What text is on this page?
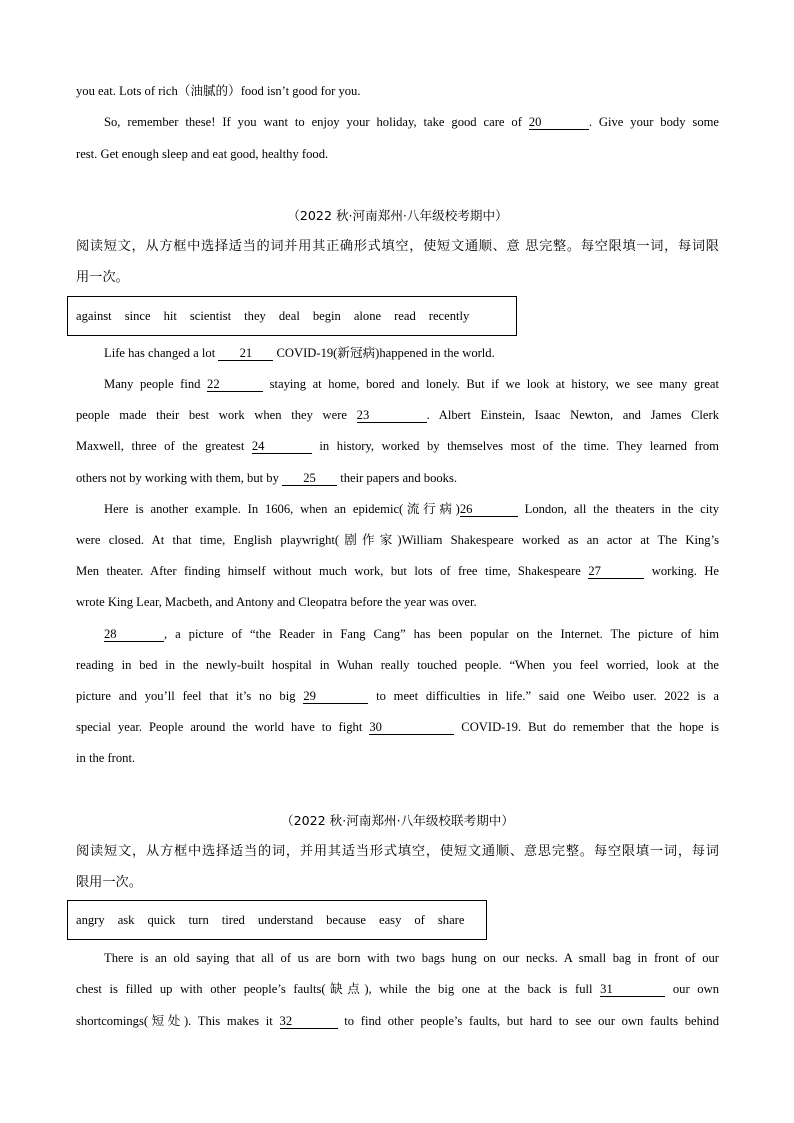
you eat. Lots of rich（油腻的）food isn’t good for you.
So, remember these! If you want to enjoy your holiday, take good care of 20	. Give your body some
rest. Get enough sleep and eat good, healthy food.
（2022 秋·河南郑州·八年级校考期中）
阅读短文，从方框中选择适当的词并用其正确形式填空，使短文通顺、意 思完整。每空限填一词，每词限
用一次。
against since hit scientist they deal begin alone read recently
Life has changed a lot 21 COVID-19(新冠病)happened in the world.
Many people find 22	staying at home, bored and lonely. But if we look at history, we see many great
people made their best work when they were 23	. Albert Einstein, Isaac Newton, and James Clerk
Maxwell, three of the greatest 24	in history, worked by themselves most of the time. They learned from
others not by working with them, but by 25 their papers and books.
Here is another example. In 1606, when an epidemic(流行病)26	London, all the theaters in the city
were closed. At that time, English playwright(剧作家)William Shakespeare worked as an actor at The King’s
Men theater. After finding himself without much work, but lots of free time, Shakespeare 27	working. He
wrote King Lear, Macbeth, and Antony and Cleopatra before the year was over.
28	, a picture of “the Reader in Fang Cang” has been popular on the Internet. The picture of him
reading in bed in the newly-built hospital in Wuhan really touched people. “When you feel worried, look at the
picture and you’ll feel that it’s no big 29	to meet difficulties in life.” said one Weibo user. 2022 is a
special year. People around the world have to fight 30	COVID-19. But do remember that the hope is
in the front.
（2022 秋·河南郑州·八年级校联考期中）
阅读短文，从方框中选择适当的词，并用其适当形式填空，使短文通顺、意思完整。每空限填一词，每词
限用一次。
angry ask quick turn tired understand because easy of share
There is an old saying that all of us are born with two bags hung on our necks. A small bag in front of our
chest is filled up with other people’s faults(缺点), while the big one at the back is full 31	our own
shortcomings(短处). This makes it 32	to find other people’s faults, but hard to see our own faults behind
